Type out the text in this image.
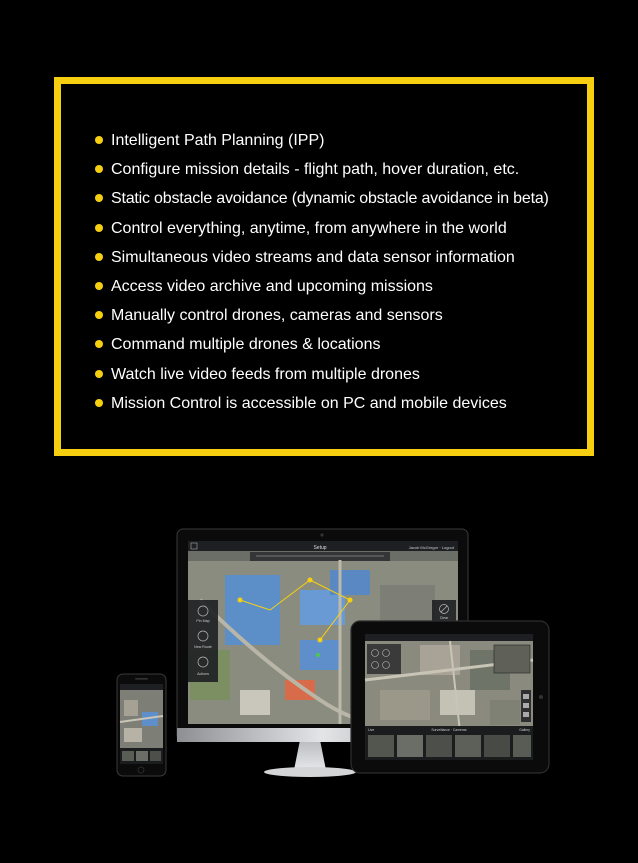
Intelligent Path Planning (IPP)
Configure mission details - flight path, hover duration, etc.
Static obstacle avoidance (dynamic obstacle avoidance in beta)
Control everything, anytime, from anywhere in the world
Simultaneous video streams and data sensor information
Access video archive and upcoming missions
Manually control drones, cameras and sensors
Command multiple drones & locations
Watch live video feeds from multiple drones
Mission Control is accessible on PC and mobile devices
Setup	Jacob McGregor · Logout
Pin Map
New Route
Actions
Clear
Live	Surveillance · Cameras	Gallery
